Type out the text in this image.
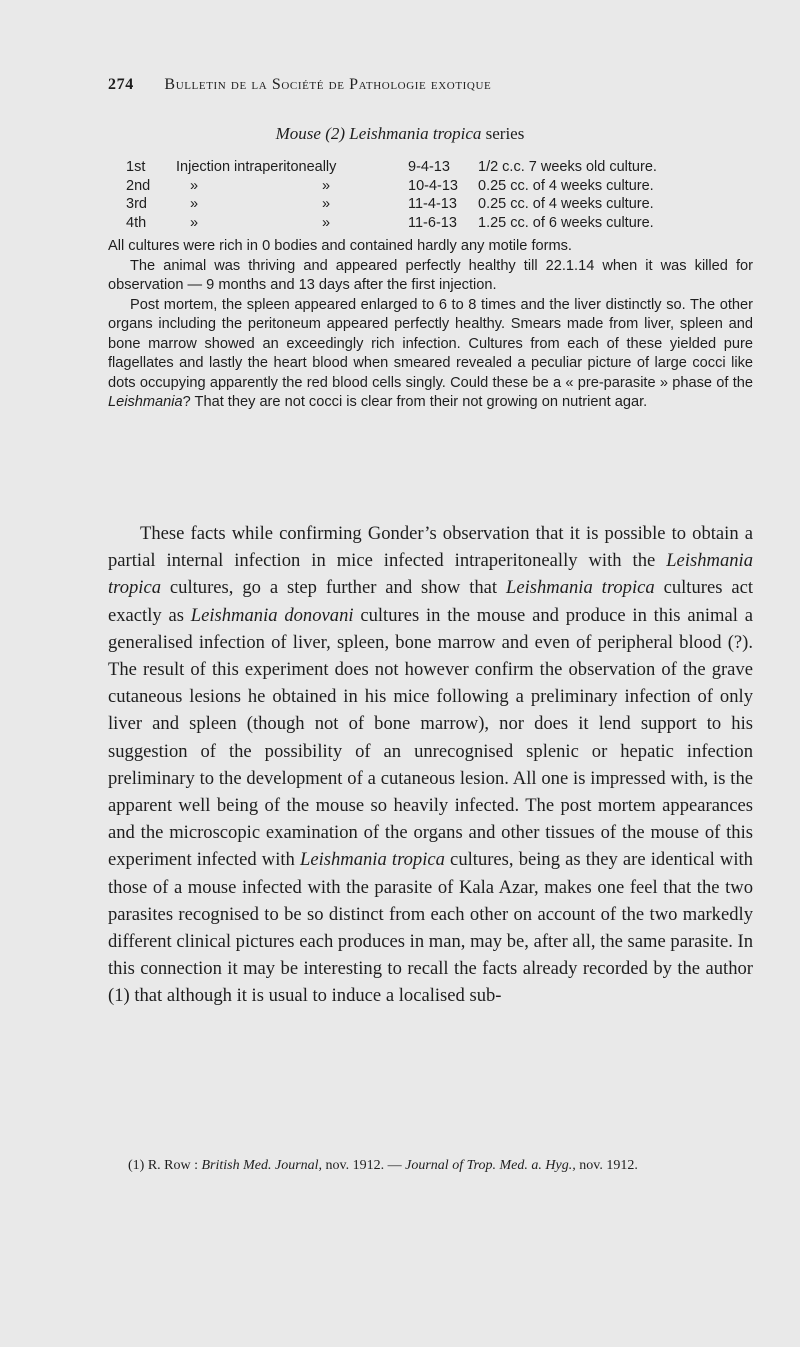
274 Bulletin de la Société de Pathologie exotique
Mouse (2) Leishmania tropica series
1st	Injection intraperitoneally		9-4-13	1/2 c.c. 7 weeks old culture.
2nd	»	»	10-4-13	0.25 cc. of 4 weeks culture.
3rd	»	»	11-4-13	0.25 cc. of 4 weeks culture.
4th	»	»	11-6-13	1.25 cc. of 6 weeks culture.

All cultures were rich in 0 bodies and contained hardly any motile forms.

The animal was thriving and appeared perfectly healthy till 22.1.14 when it was killed for observation — 9 months and 13 days after the first injection.

Post mortem, the spleen appeared enlarged to 6 to 8 times and the liver distinctly so. The other organs including the peritoneum appeared perfectly healthy. Smears made from liver, spleen and bone marrow showed an exceedingly rich infection. Cultures from each of these yielded pure flagellates and lastly the heart blood when smeared revealed a peculiar picture of large cocci like dots occupying apparently the red blood cells singly. Could these be a « pre-parasite » phase of the Leishmania? That they are not cocci is clear from their not growing on nutrient agar.

These facts while confirming Gonder’s observation that it is possible to obtain a partial internal infection in mice infected intraperitoneally with the Leishmania tropica cultures, go a step further and show that Leishmania tropica cultures act exactly as Leishmania donovani cultures in the mouse and produce in this animal a generalised infection of liver, spleen, bone marrow and even of peripheral blood (?). The result of this experiment does not however confirm the observation of the grave cutaneous lesions he obtained in his mice following a preliminary infection of only liver and spleen (though not of bone marrow), nor does it lend support to his suggestion of the possibility of an unrecognised splenic or hepatic infection preliminary to the development of a cutaneous lesion. All one is impressed with, is the apparent well being of the mouse so heavily infected. The post mortem appearances and the microscopic examination of the organs and other tissues of the mouse of this experiment infected with Leishmania tropica cultures, being as they are identical with those of a mouse infected with the parasite of Kala Azar, makes one feel that the two parasites recognised to be so distinct from each other on account of the two markedly different clinical pictures each produces in man, may be, after all, the same parasite. In this connection it may be interesting to recall the facts already recorded by the author (1) that although it is usual to induce a localised sub-

(1) R. Row : British Med. Journal, nov. 1912. — Journal of Trop. Med. a. Hyg., nov. 1912.
